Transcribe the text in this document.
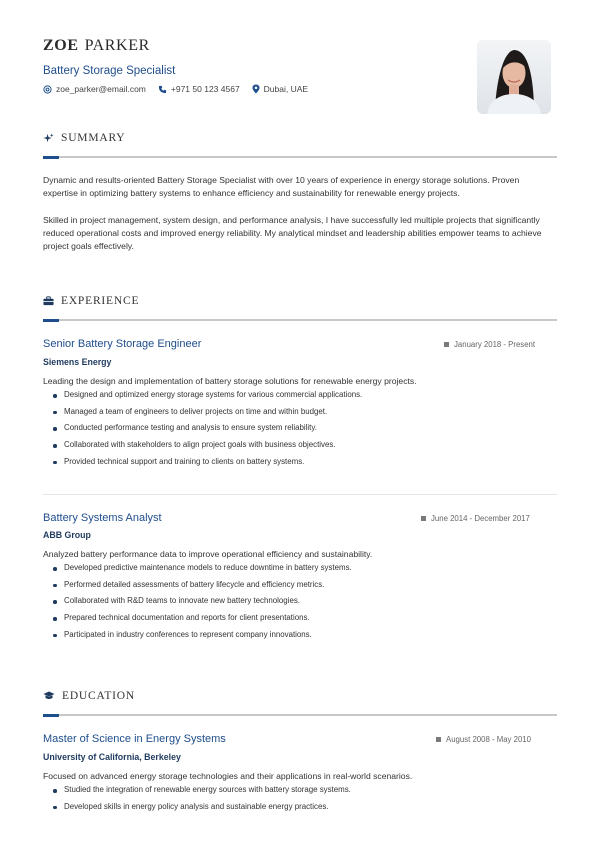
ZOE PARKER
Battery Storage Specialist
zoe_parker@email.com	+971 50 123 4567	Dubai, UAE
SUMMARY
Dynamic and results-oriented Battery Storage Specialist with over 10 years of experience in energy storage solutions. Proven expertise in optimizing battery systems to enhance efficiency and sustainability for renewable energy projects.
Skilled in project management, system design, and performance analysis, I have successfully led multiple projects that significantly reduced operational costs and improved energy reliability. My analytical mindset and leadership abilities empower teams to achieve project goals effectively.
EXPERIENCE
Senior Battery Storage Engineer	January 2018 - Present
Siemens Energy
Leading the design and implementation of battery storage solutions for renewable energy projects.
Designed and optimized energy storage systems for various commercial applications.
Managed a team of engineers to deliver projects on time and within budget.
Conducted performance testing and analysis to ensure system reliability.
Collaborated with stakeholders to align project goals with business objectives.
Provided technical support and training to clients on battery systems.
Battery Systems Analyst	June 2014 - December 2017
ABB Group
Analyzed battery performance data to improve operational efficiency and sustainability.
Developed predictive maintenance models to reduce downtime in battery systems.
Performed detailed assessments of battery lifecycle and efficiency metrics.
Collaborated with R&D teams to innovate new battery technologies.
Prepared technical documentation and reports for client presentations.
Participated in industry conferences to represent company innovations.
EDUCATION
Master of Science in Energy Systems	August 2008 - May 2010
University of California, Berkeley
Focused on advanced energy storage technologies and their applications in real-world scenarios.
Studied the integration of renewable energy sources with battery storage systems.
Developed skills in energy policy analysis and sustainable energy practices.
